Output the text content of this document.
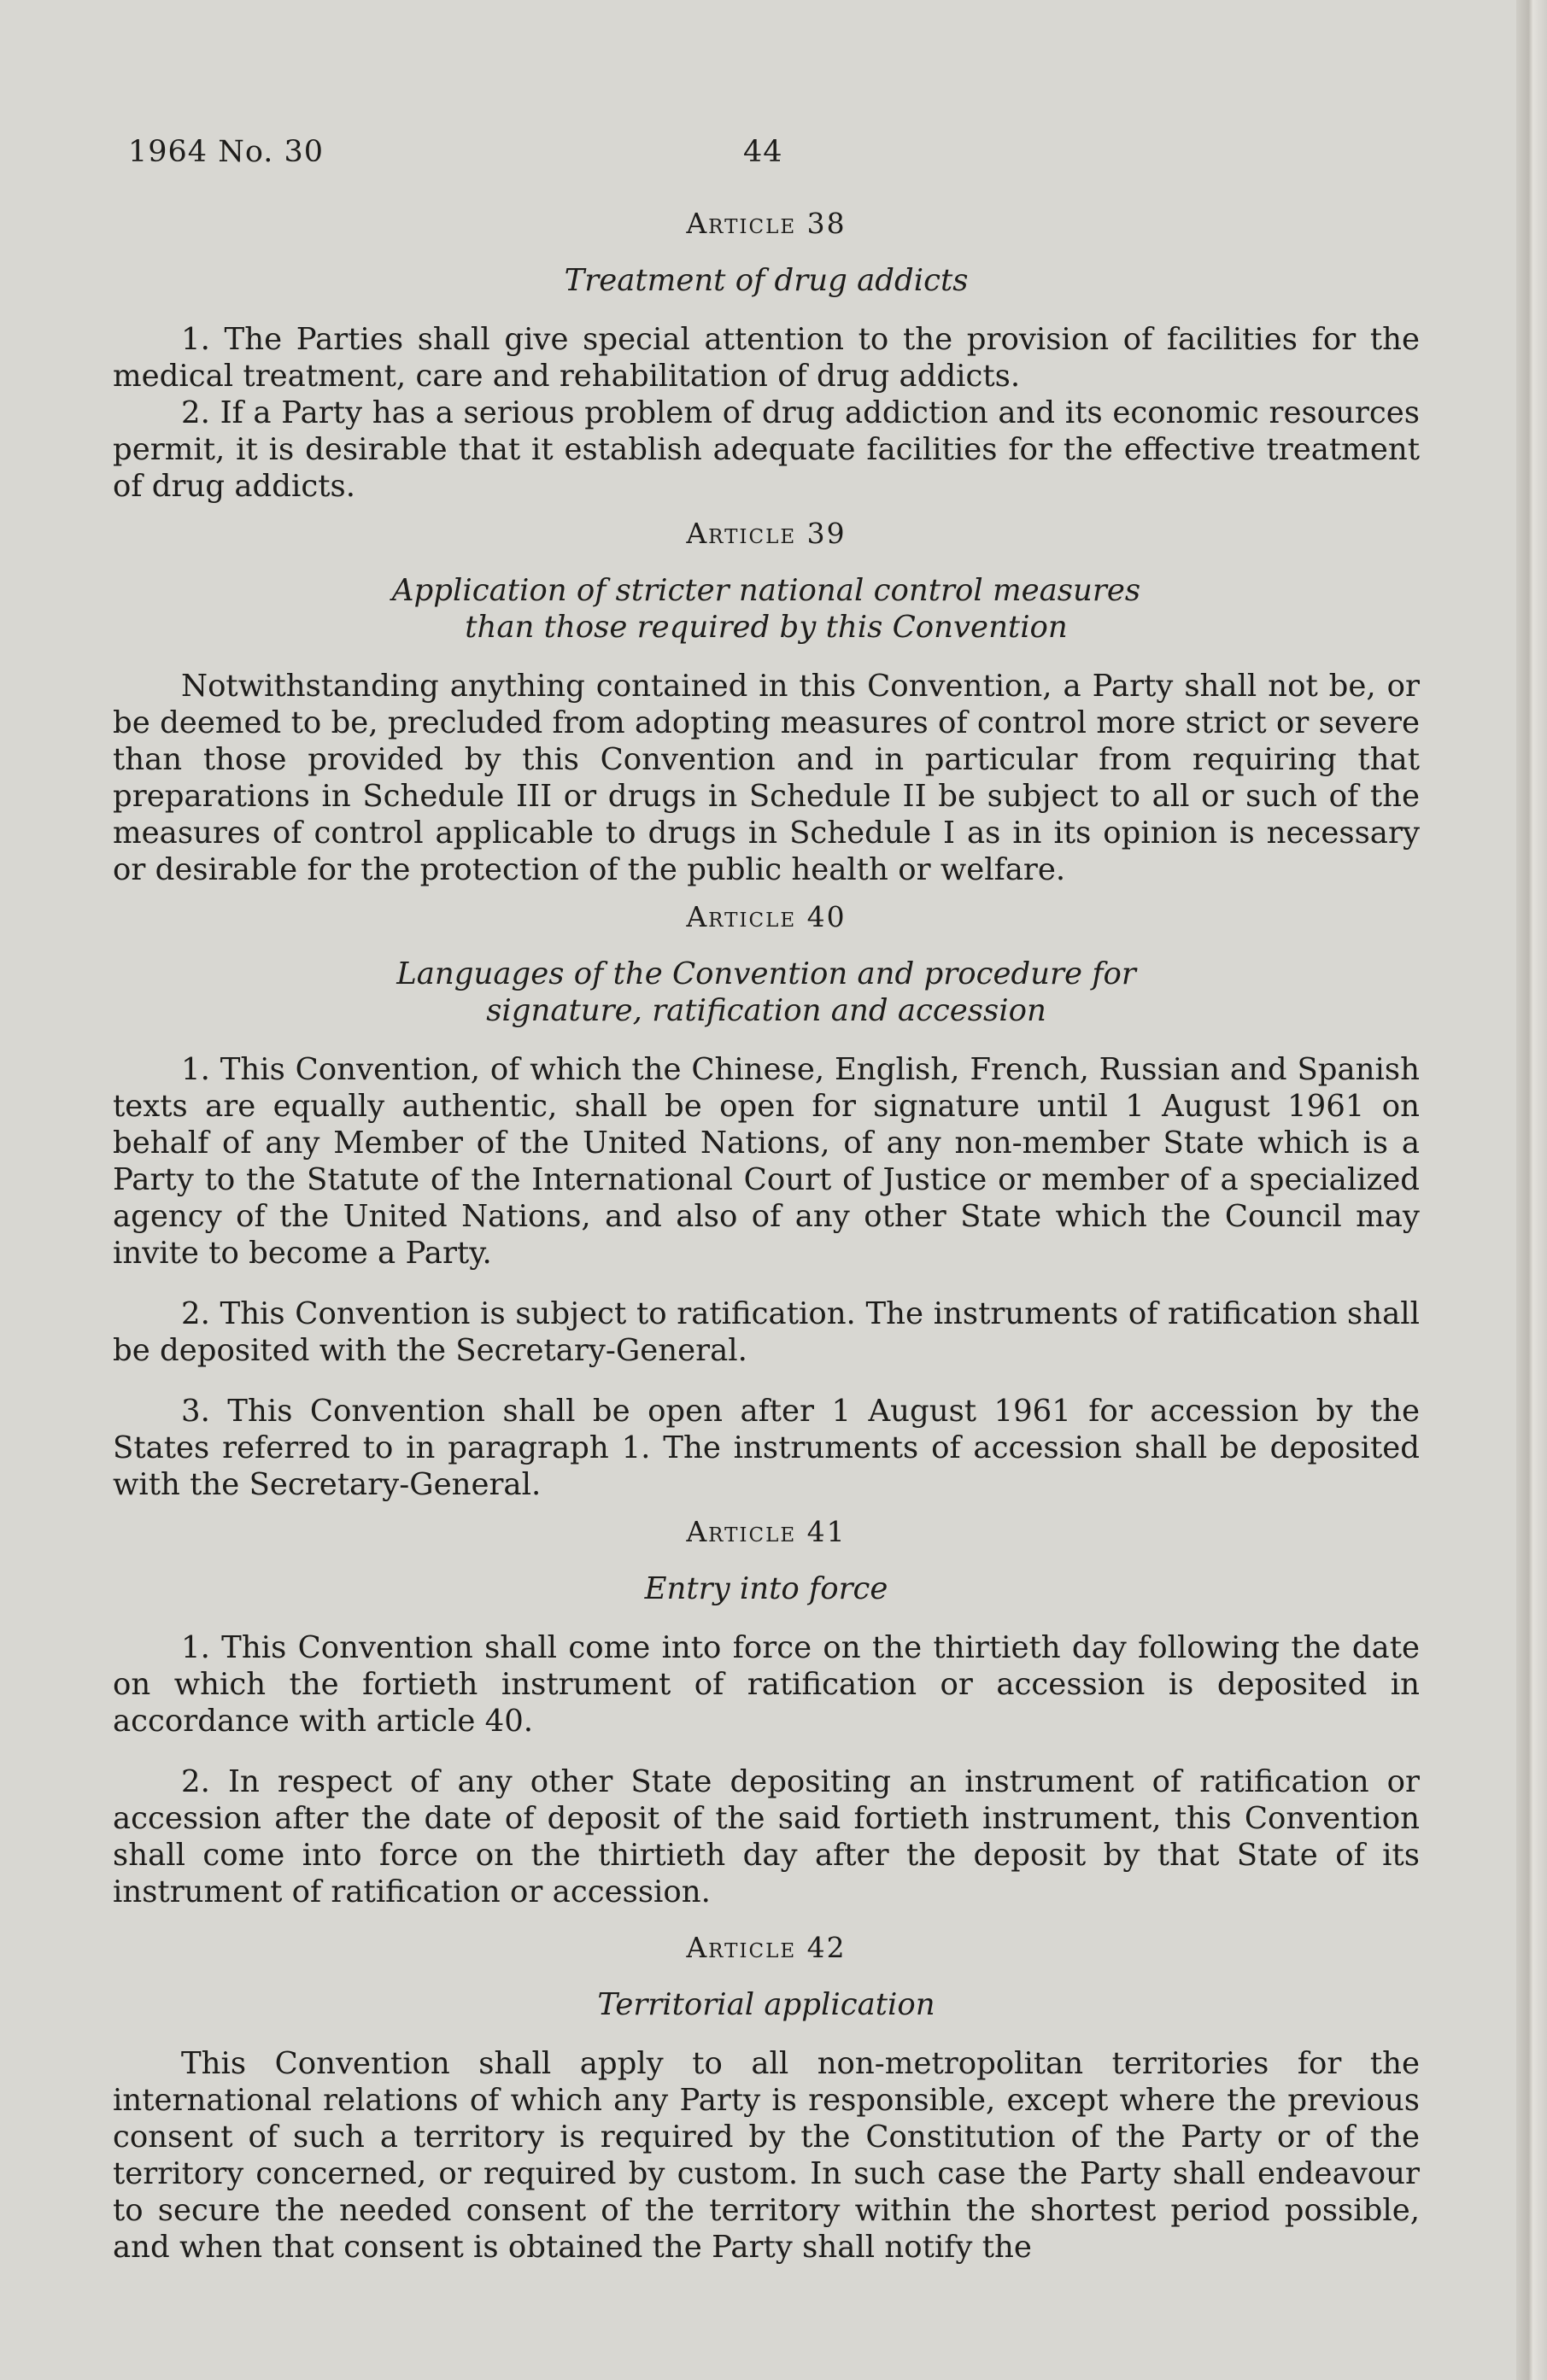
1964 No. 30	44
Article 38
Treatment of drug addicts

1. The Parties shall give special attention to the provision of facilities for the medical treatment, care and rehabilitation of drug addicts.

2. If a Party has a serious problem of drug addiction and its economic resources permit, it is desirable that it establish adequate facilities for the effective treatment of drug addicts.

Article 39
Application of stricter national control measures
than those required by this Convention

Notwithstanding anything contained in this Convention, a Party shall not be, or be deemed to be, precluded from adopting measures of control more strict or severe than those provided by this Convention and in particular from requiring that preparations in Schedule III or drugs in Schedule II be subject to all or such of the measures of control applicable to drugs in Schedule I as in its opinion is necessary or desirable for the protection of the public health or welfare.

Article 40
Languages of the Convention and procedure for
signature, ratification and accession

1. This Convention, of which the Chinese, English, French, Russian and Spanish texts are equally authentic, shall be open for signature until 1 August 1961 on behalf of any Member of the United Nations, of any non-member State which is a Party to the Statute of the International Court of Justice or member of a specialized agency of the United Nations, and also of any other State which the Council may invite to become a Party.

2. This Convention is subject to ratification. The instruments of ratification shall be deposited with the Secretary-General.

3. This Convention shall be open after 1 August 1961 for accession by the States referred to in paragraph 1. The instruments of accession shall be deposited with the Secretary-General.

Article 41
Entry into force

1. This Convention shall come into force on the thirtieth day following the date on which the fortieth instrument of ratification or accession is deposited in accordance with article 40.

2. In respect of any other State depositing an instrument of ratification or accession after the date of deposit of the said fortieth instrument, this Convention shall come into force on the thirtieth day after the deposit by that State of its instrument of ratification or accession.

Article 42
Territorial application

This Convention shall apply to all non-metropolitan territories for the international relations of which any Party is responsible, except where the previous consent of such a territory is required by the Constitution of the Party or of the territory concerned, or required by custom. In such case the Party shall endeavour to secure the needed consent of the territory within the shortest period possible, and when that consent is obtained the Party shall notify the
